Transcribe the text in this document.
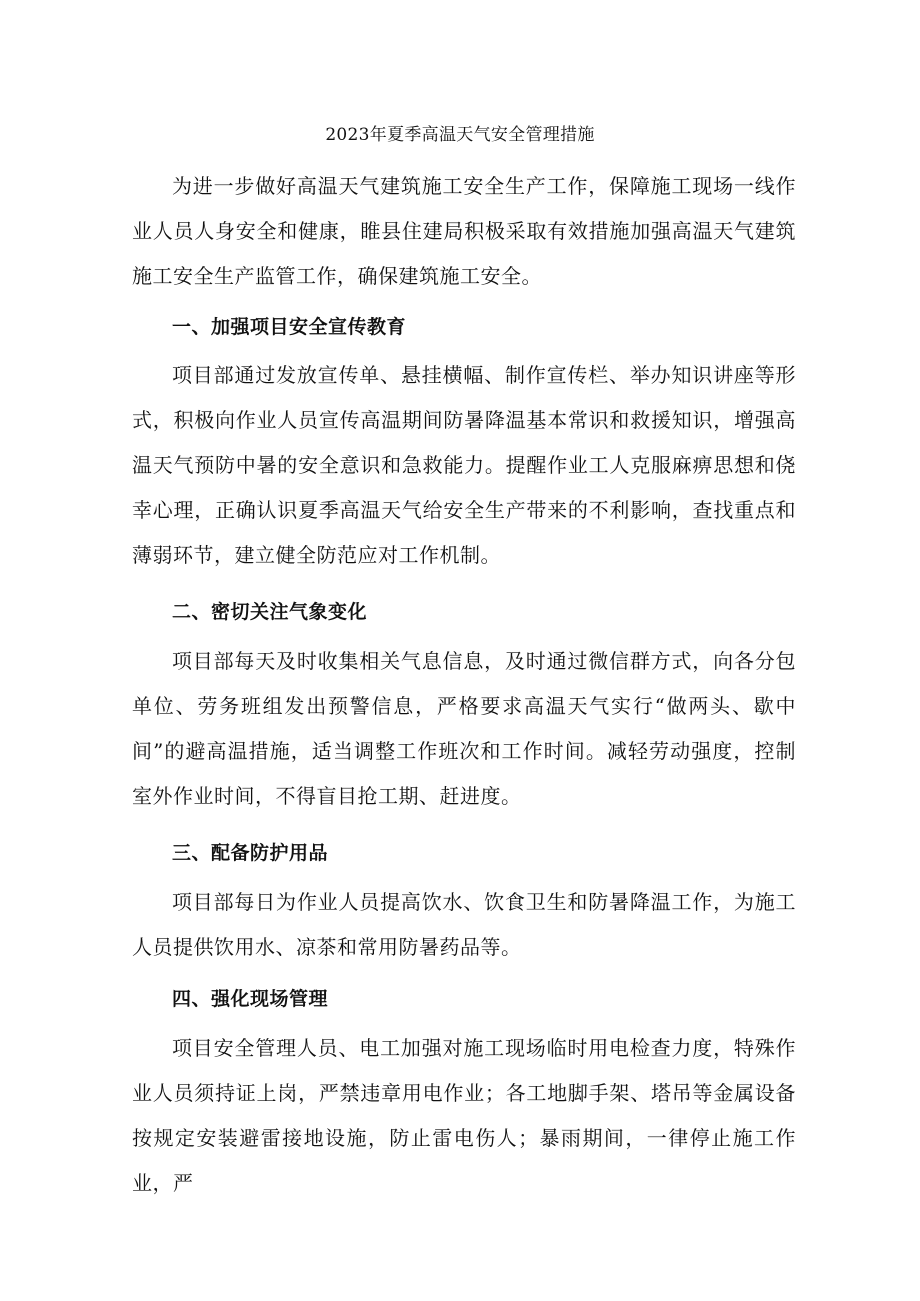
2023年夏季高温天气安全管理措施

为进一步做好高温天气建筑施工安全生产工作，保障施工现场一线作业人员人身安全和健康，睢县住建局积极采取有效措施加强高温天气建筑施工安全生产监管工作，确保建筑施工安全。

一、加强项目安全宣传教育

项目部通过发放宣传单、悬挂横幅、制作宣传栏、举办知识讲座等形式，积极向作业人员宣传高温期间防暑降温基本常识和救援知识，增强高温天气预防中暑的安全意识和急救能力。提醒作业工人克服麻痹思想和侥幸心理，正确认识夏季高温天气给安全生产带来的不利影响，查找重点和薄弱环节，建立健全防范应对工作机制。

二、密切关注气象变化

项目部每天及时收集相关气息信息，及时通过微信群方式，向各分包单位、劳务班组发出预警信息，严格要求高温天气实行“做两头、歇中间”的避高温措施，适当调整工作班次和工作时间。减轻劳动强度，控制室外作业时间，不得盲目抢工期、赶进度。

三、配备防护用品

项目部每日为作业人员提高饮水、饮食卫生和防暑降温工作，为施工人员提供饮用水、凉茶和常用防暑药品等。

四、强化现场管理

项目安全管理人员、电工加强对施工现场临时用电检查力度，特殊作业人员须持证上岗，严禁违章用电作业；各工地脚手架、塔吊等金属设备按规定安装避雷接地设施，防止雷电伤人；暴雨期间，一律停止施工作业，严
